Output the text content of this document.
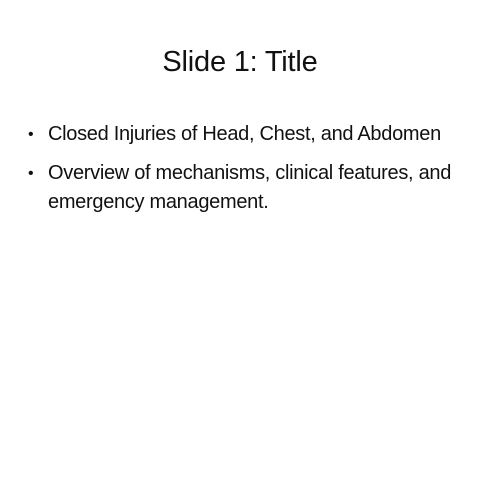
Slide 1: Title
• Closed Injuries of Head, Chest, and Abdomen
• Overview of mechanisms, clinical features, and emergency management.
